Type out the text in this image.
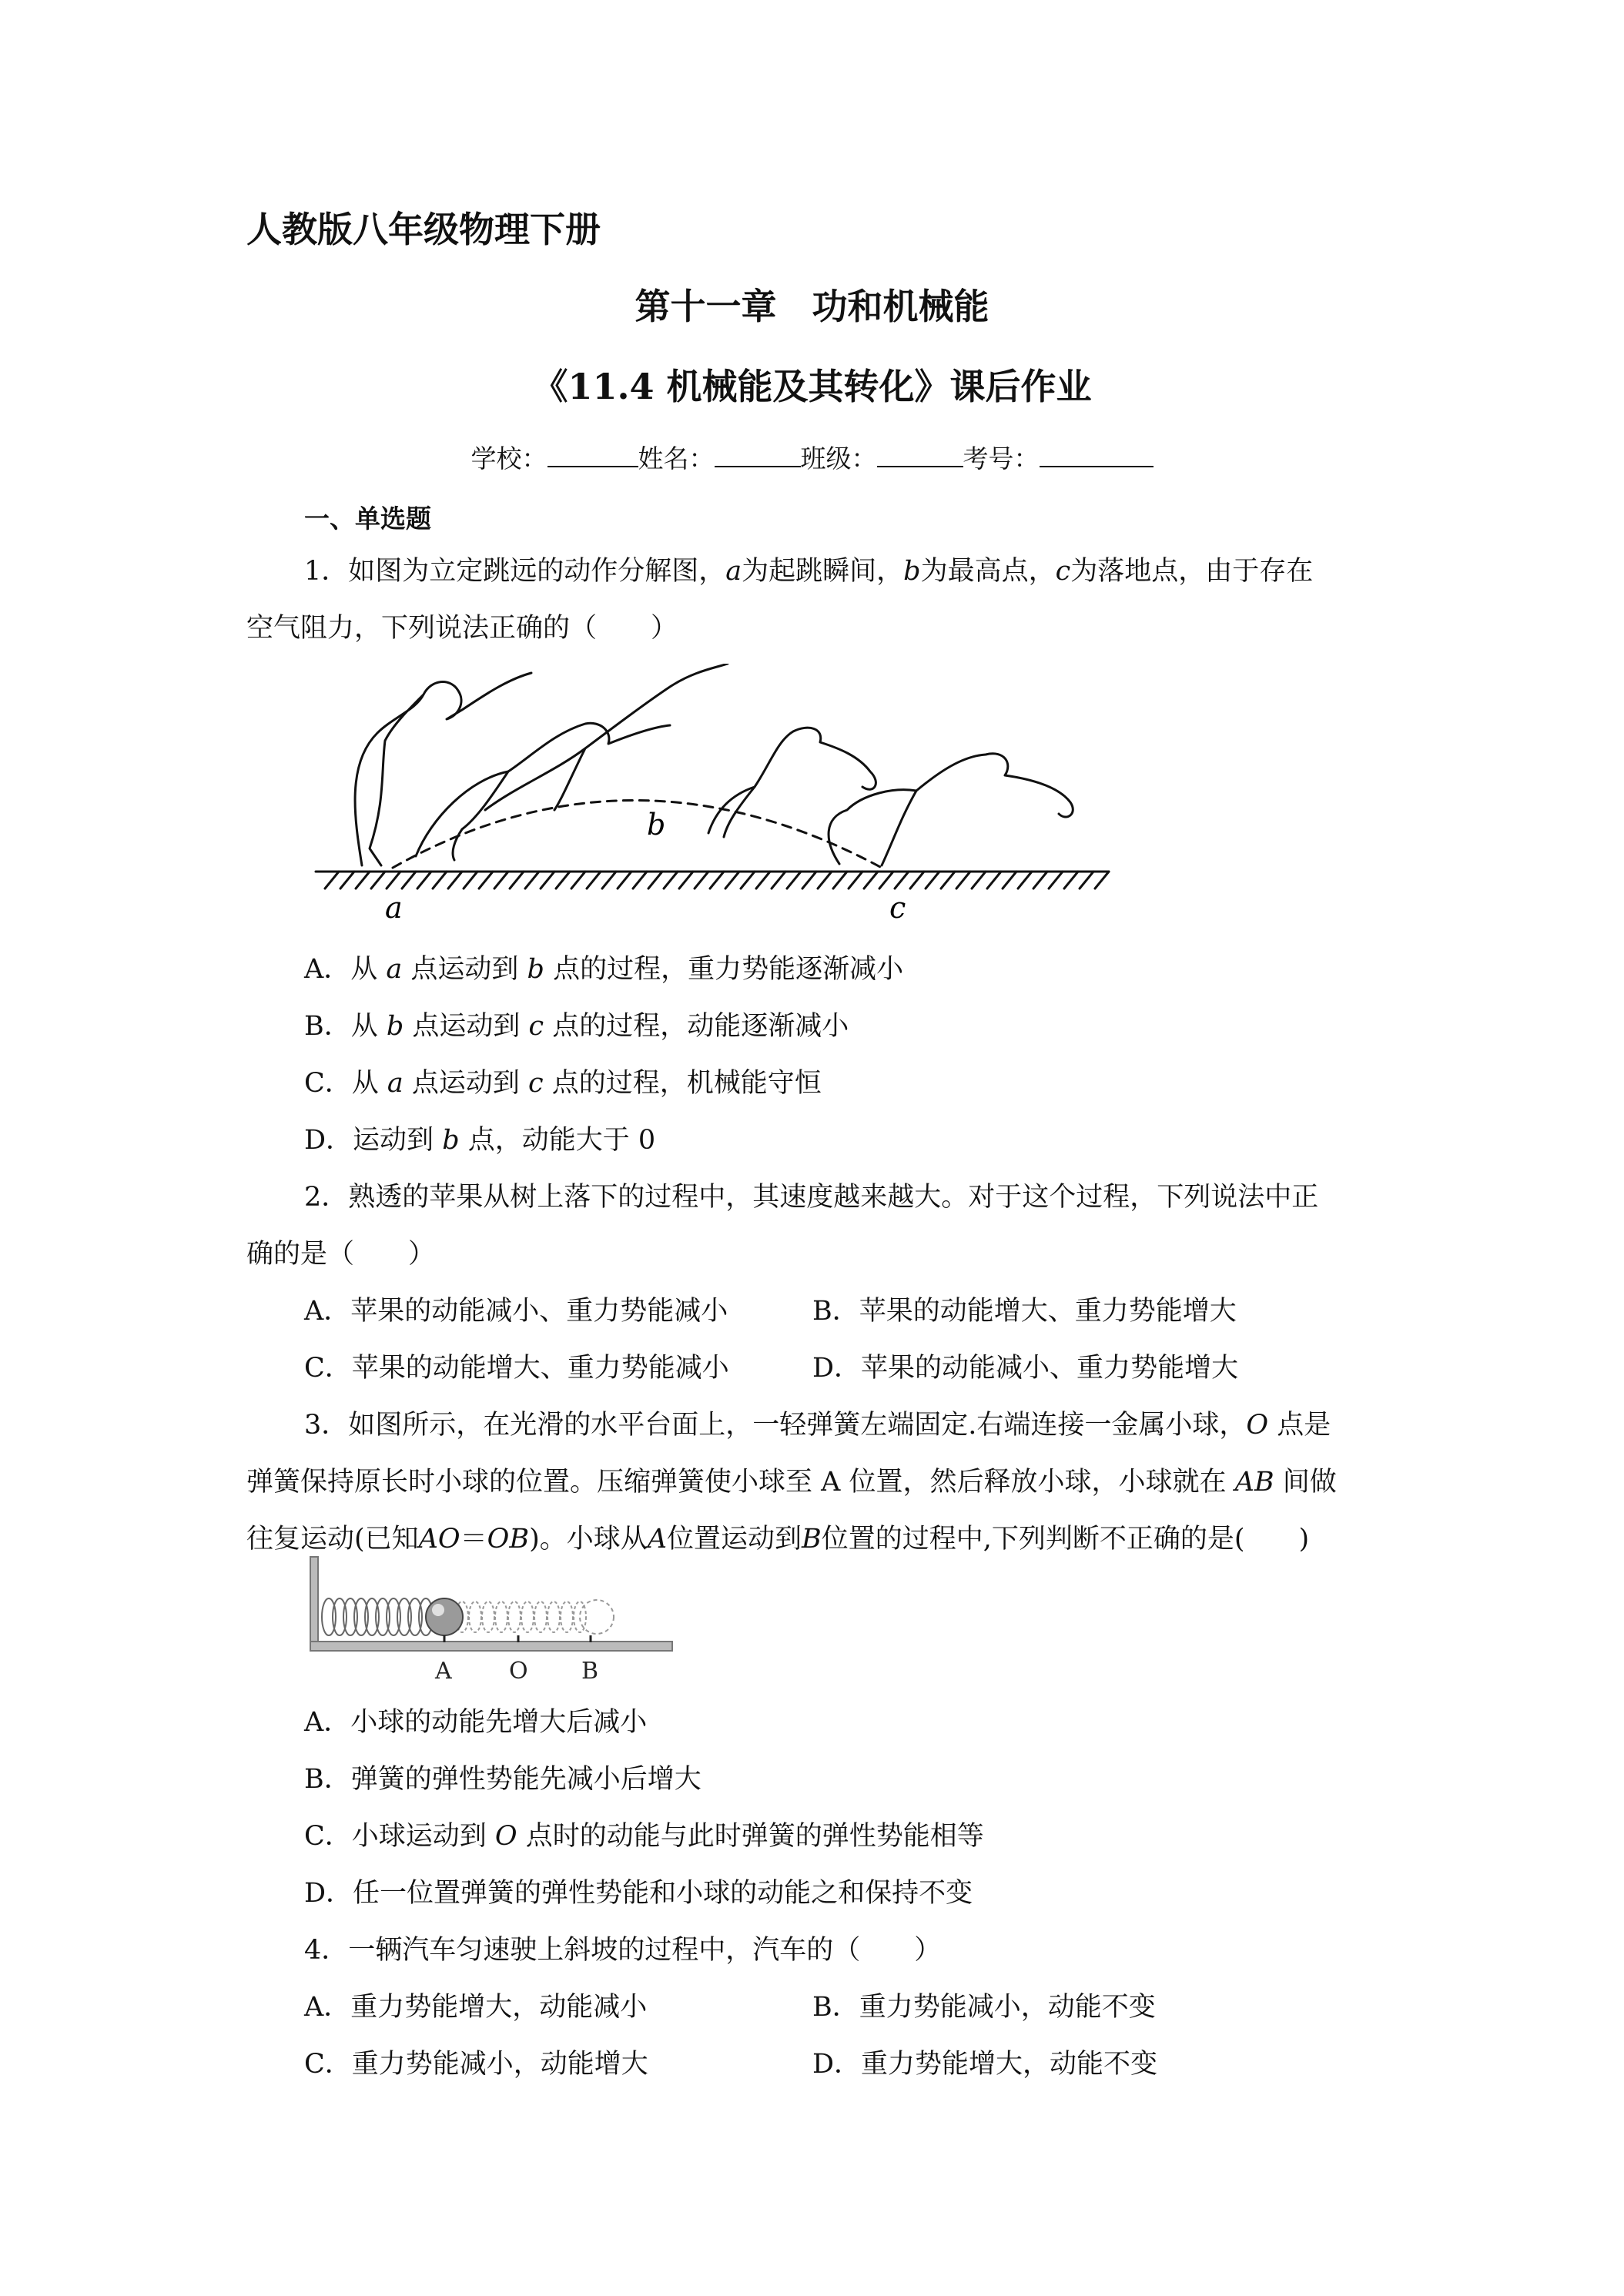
人教版八年级物理下册
第十一章　功和机械能
《11.4 机械能及其转化》课后作业
学校：	姓名：	班级：	考号：
一、单选题
1．如图为立定跳远的动作分解图，a为起跳瞬间，b为最高点，c为落地点，由于存在
空气阻力，下列说法正确的（　　）
a
b
c
A．从 a 点运动到 b 点的过程，重力势能逐渐减小
B．从 b 点运动到 c 点的过程，动能逐渐减小
C．从 a 点运动到 c 点的过程，机械能守恒
D．运动到 b 点，动能大于 0
2．熟透的苹果从树上落下的过程中，其速度越来越大。对于这个过程，下列说法中正
确的是（　　）
A．苹果的动能减小、重力势能减小	B．苹果的动能增大、重力势能增大
C．苹果的动能增大、重力势能减小	D．苹果的动能减小、重力势能增大
3．如图所示，在光滑的水平台面上，一轻弹簧左端固定.右端连接一金属小球，O 点是
弹簧保持原长时小球的位置。压缩弹簧使小球至 A 位置，然后释放小球，小球就在 AB 间做
往复运动(已知AO＝OB)。小球从A位置运动到B位置的过程中,下列判断不正确的是(　　)
A O B
A．小球的动能先增大后减小
B．弹簧的弹性势能先减小后增大
C．小球运动到 O 点时的动能与此时弹簧的弹性势能相等
D．任一位置弹簧的弹性势能和小球的动能之和保持不变
4．一辆汽车匀速驶上斜坡的过程中，汽车的（　　）
A．重力势能增大，动能减小	B．重力势能减小，动能不变
C．重力势能减小，动能增大	D．重力势能增大，动能不变
